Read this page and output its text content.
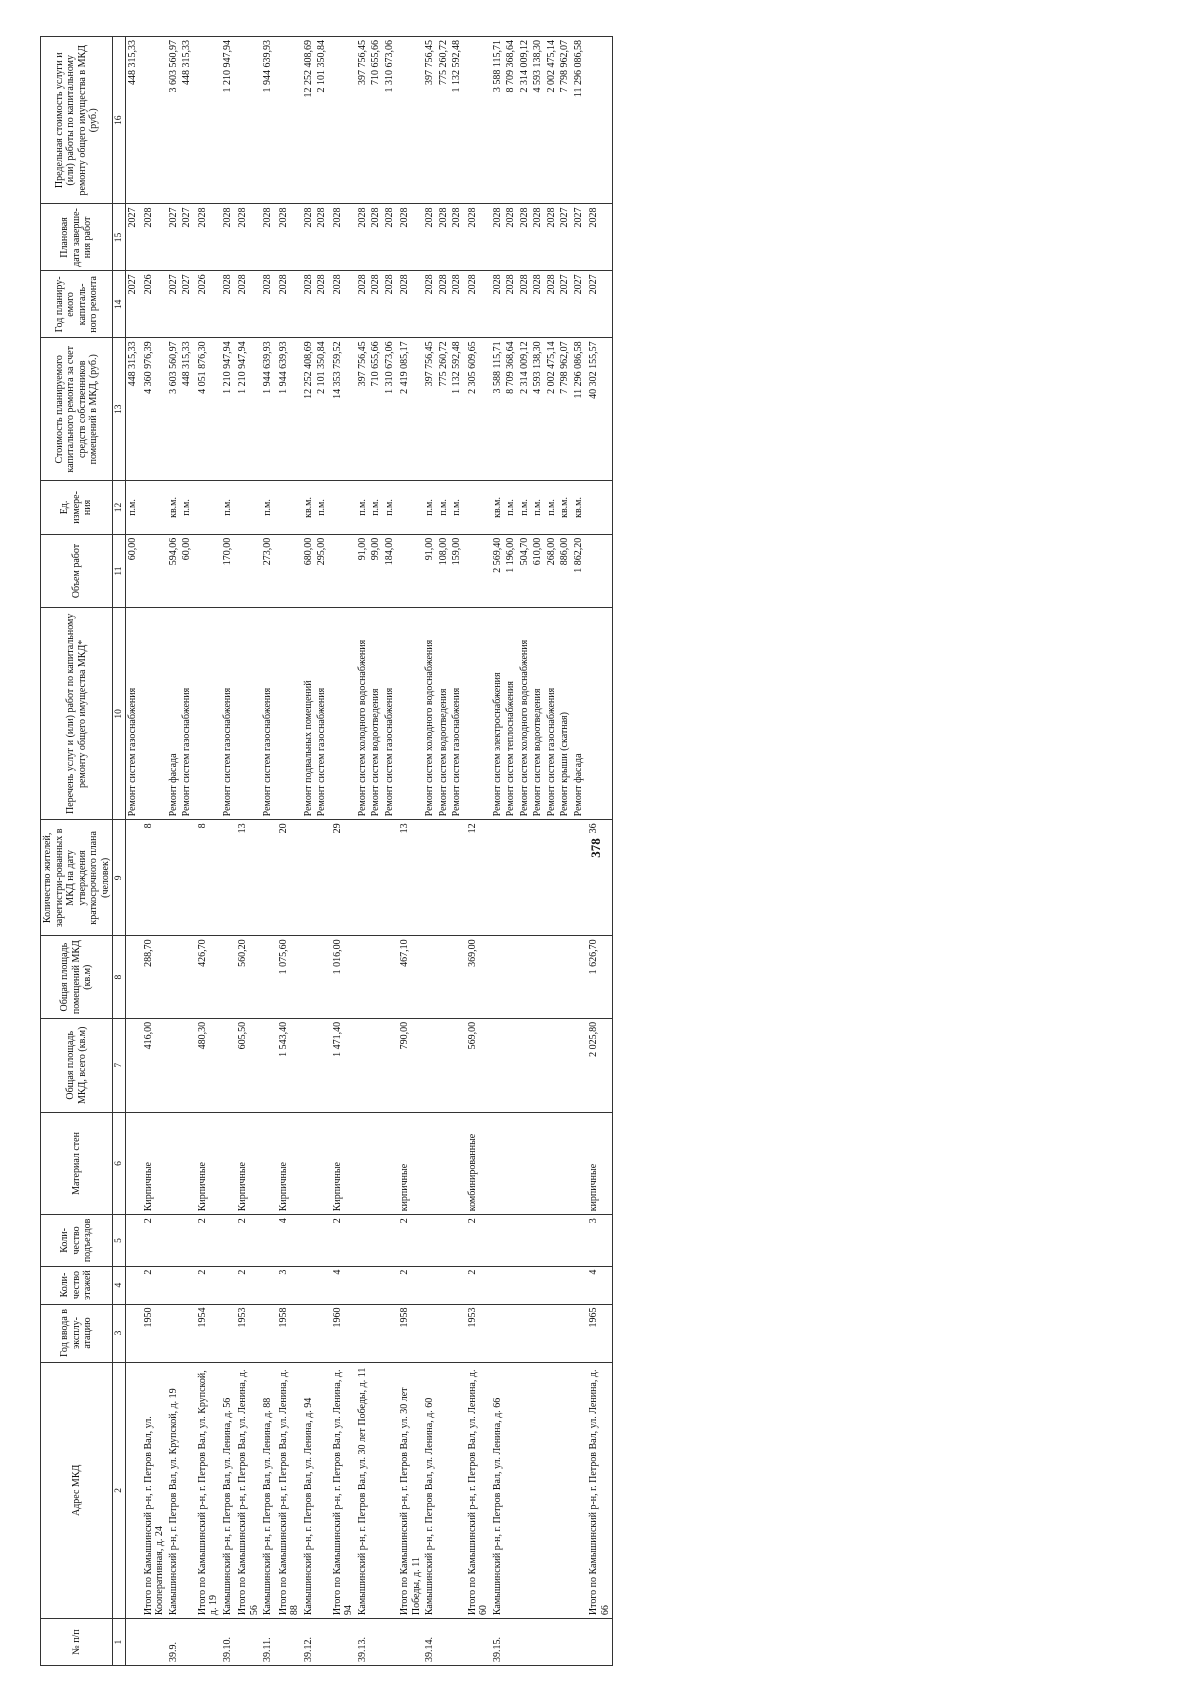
378
№ п/п	Адрес МКД	Год ввода в эксплу-атацию	Коли-чество этажей	Коли-чество подъездов	Материал стен	Общая площадь МКД, всего (кв.м)	Общая площадь помещений МКД (кв.м)	Количество жителей, зарегистри-рованных в МКД на дату утверждения краткосрочного плана (человек)	Перечень услуг и (или) работ по капитальному ремонту общего имущества МКД*	Объем работ	Ед. измере-ния	Стоимость планируемого капитального ремонта за счет средств собственников помещений в МКД, (руб.)	Год планиру-емого капиталь-ного ремонта	Плановая дата заверше-ния работ	Предельная стоимость услуги и (или) работы по капитальному ремонту общего имущества в МКД (руб.)
1	2	3	4	5	6	7	8	9	10	11	12	13	14	15	16
									Ремонт систем газоснабжения	60,00	п.м.	448 315,33	2027	2027	448 315,33
	Итого по Камышинский р-н, г. Петров Вал, ул. Кооперативная, д. 24	1950	2	2	Кирпичные	416,00	288,70	8				4 360 976,39	2026	2028	
39.9.	Камышинский р-н, г. Петров Вал, ул. Крупской, д. 19								Ремонт фасада	594,06	кв.м.	3 603 560,97	2027	2027	3 603 560,97
									Ремонт систем газоснабжения	60,00	п.м.	448 315,33	2027	2027	448 315,33
	Итого по Камышинский р-н, г. Петров Вал, ул. Крупской, д. 19	1954	2	2	Кирпичные	480,30	426,70	8				4 051 876,30	2026	2028	
39.10.	Камышинский р-н, г. Петров Вал, ул. Ленина, д. 56								Ремонт систем газоснабжения	170,00	п.м.	1 210 947,94	2028	2028	1 210 947,94
	Итого по Камышинский р-н, г. Петров Вал, ул. Ленина, д. 56	1953	2	2	Кирпичные	605,50	560,20	13				1 210 947,94	2028	2028	
39.11.	Камышинский р-н, г. Петров Вал, ул. Ленина, д. 88								Ремонт систем газоснабжения	273,00	п.м.	1 944 639,93	2028	2028	1 944 639,93
	Итого по Камышинский р-н, г. Петров Вал, ул. Ленина, д. 88	1958	3	4	Кирпичные	1 543,40	1 075,60	20				1 944 639,93	2028	2028	
39.12.	Камышинский р-н, г. Петров Вал, ул. Ленина, д. 94								Ремонт подвальных помещений	680,00	кв.м.	12 252 408,69	2028	2028	12 252 408,69
									Ремонт систем газоснабжения	295,00	п.м.	2 101 350,84	2028	2028	2 101 350,84
	Итого по Камышинский р-н, г. Петров Вал, ул. Ленина, д. 94	1960	4	2	Кирпичные	1 471,40	1 016,00	29				14 353 759,52	2028	2028	
39.13.	Камышинский р-н, г. Петров Вал, ул. 30 лет Победы, д. 11								Ремонт систем холодного водоснабжения	91,00	п.м.	397 756,45	2028	2028	397 756,45
									Ремонт систем водоотведения	99,00	п.м.	710 655,66	2028	2028	710 655,66
									Ремонт систем газоснабжения	184,00	п.м.	1 310 673,06	2028	2028	1 310 673,06
	Итого по Камышинский р-н, г. Петров Вал, ул. 30 лет Победы, д. 11	1958	2	2	кирпичные	790,00	467,10	13				2 419 085,17	2028	2028	
39.14.	Камышинский р-н, г. Петров Вал, ул. Ленина, д. 60								Ремонт систем холодного водоснабжения	91,00	п.м.	397 756,45	2028	2028	397 756,45
									Ремонт систем водоотведения	108,00	п.м.	775 260,72	2028	2028	775 260,72
									Ремонт систем газоснабжения	159,00	п.м.	1 132 592,48	2028	2028	1 132 592,48
	Итого по Камышинский р-н, г. Петров Вал, ул. Ленина, д. 60	1953	2	2	комбинированные	569,00	369,00	12				2 305 609,65	2028	2028	
39.15.	Камышинский р-н, г. Петров Вал, ул. Ленина, д. 66								Ремонт систем электроснабжения	2 569,40	кв.м.	3 588 115,71	2028	2028	3 588 115,71
									Ремонт систем теплоснабжения	1 196,00	п.м.	8 709 368,64	2028	2028	8 709 368,64
									Ремонт систем холодного водоснабжения	504,70	п.м.	2 314 009,12	2028	2028	2 314 009,12
									Ремонт систем водоотведения	610,00	п.м.	4 593 138,30	2028	2028	4 593 138,30
									Ремонт систем газоснабжения	268,00	п.м.	2 002 475,14	2028	2028	2 002 475,14
									Ремонт крыши (скатная)	886,00	кв.м.	7 798 962,07	2027	2027	7 798 962,07
									Ремонт фасада	1 862,20	кв.м.	11 296 086,58	2027	2027	11 296 086,58
	Итого по Камышинский р-н, г. Петров Вал, ул. Ленина, д. 66	1965	4	3	кирпичные	2 025,80	1 626,70	36				40 302 155,57	2027	2028	
